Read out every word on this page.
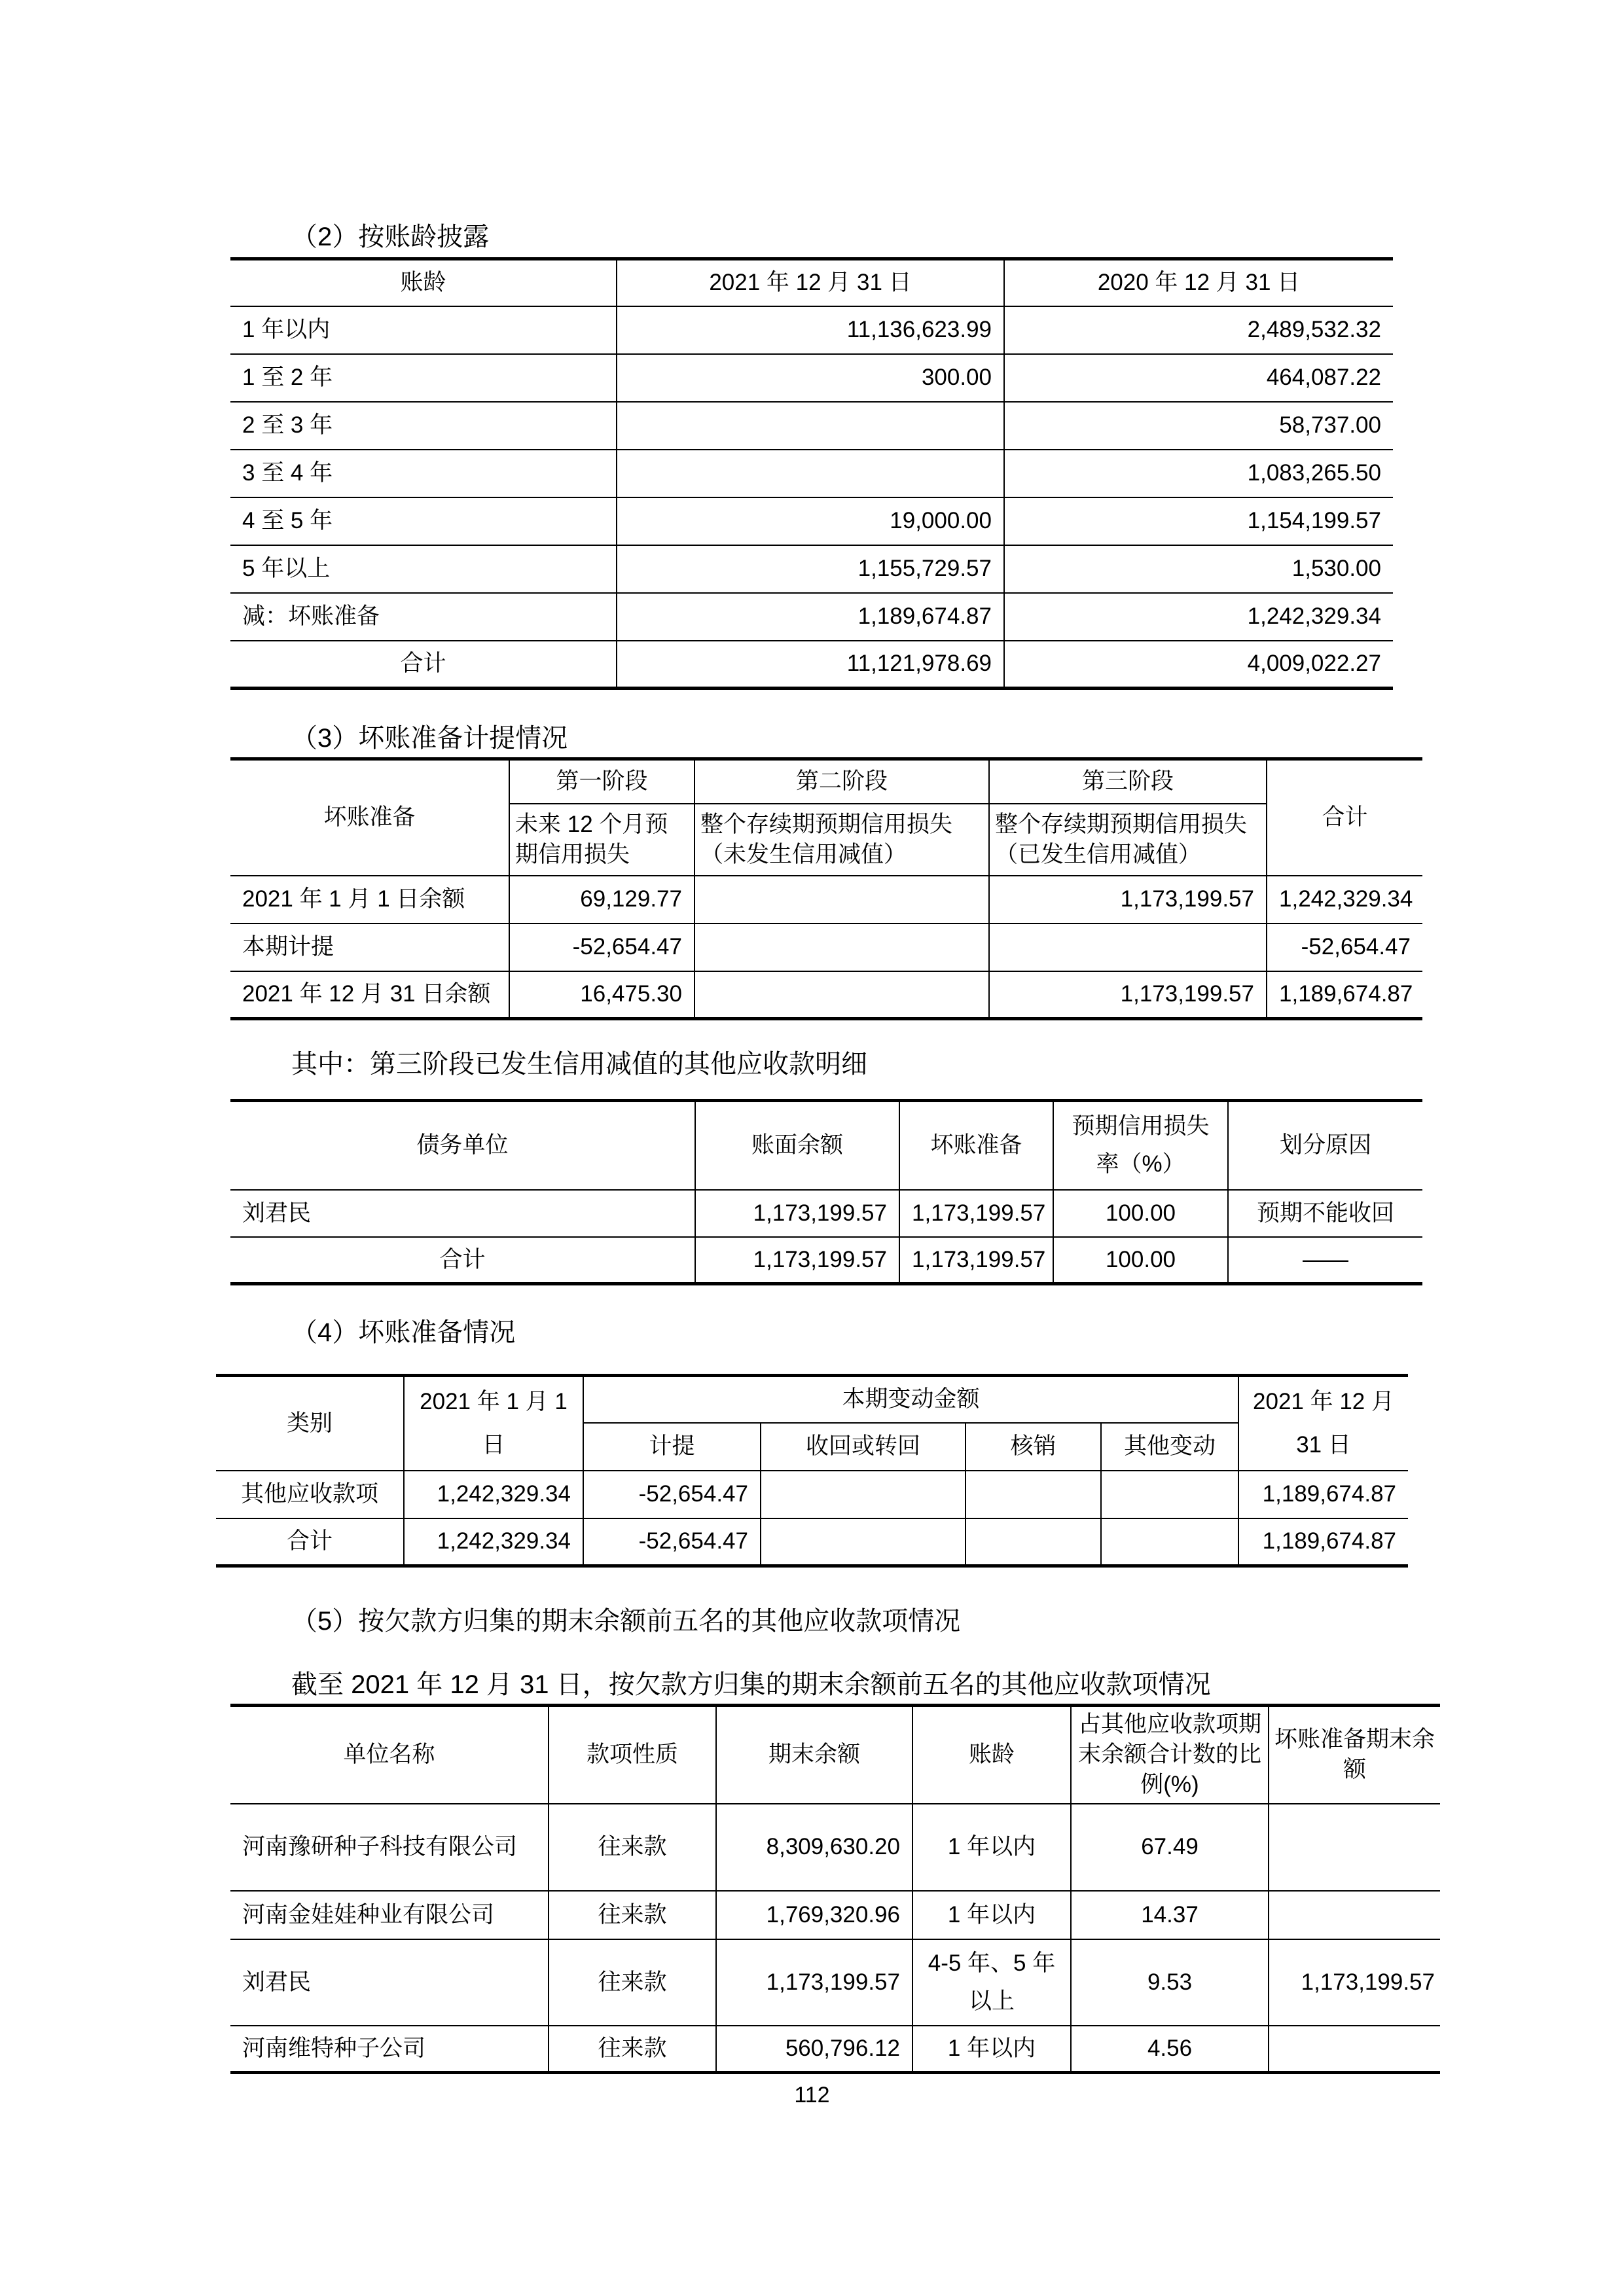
（2）按账龄披露
账龄	2021 年 12 月 31 日	2020 年 12 月 31 日
1 年以内	11,136,623.99	2,489,532.32
1 至 2 年	300.00	464,087.22
2 至 3 年		58,737.00
3 至 4 年		1,083,265.50
4 至 5 年	19,000.00	1,154,199.57
5 年以上	1,155,729.57	1,530.00
减：坏账准备	1,189,674.87	1,242,329.34
合计	11,121,978.69	4,009,022.27
（3）坏账准备计提情况
坏账准备	第一阶段	第二阶段	第三阶段	合计
	未来 12 个月预期信用损失	整个存续期预期信用损失（未发生信用减值）	整个存续期预期信用损失（已发生信用减值）	
2021 年 1 月 1 日余额	69,129.77		1,173,199.57	1,242,329.34
本期计提	-52,654.47			-52,654.47
2021 年 12 月 31 日余额	16,475.30		1,173,199.57	1,189,674.87
其中：第三阶段已发生信用减值的其他应收款明细
债务单位	账面余额	坏账准备	预期信用损失率（%）	划分原因
刘君民	1,173,199.57	1,173,199.57	100.00	预期不能收回
合计	1,173,199.57	1,173,199.57	100.00	——
（4）坏账准备情况
类别	2021 年 1 月 1 日	本期变动金额				2021 年 12 月 31 日
		计提	收回或转回	核销	其他变动	
其他应收款项	1,242,329.34	-52,654.47				1,189,674.87
合计	1,242,329.34	-52,654.47				1,189,674.87
（5）按欠款方归集的期末余额前五名的其他应收款项情况
截至 2021 年 12 月 31 日，按欠款方归集的期末余额前五名的其他应收款项情况
单位名称	款项性质	期末余额	账龄	占其他应收款项期末余额合计数的比例(%)	坏账准备期末余额
河南豫研种子科技有限公司	往来款	8,309,630.20	1 年以内	67.49	
河南金娃娃种业有限公司	往来款	1,769,320.96	1 年以内	14.37	
刘君民	往来款	1,173,199.57	4-5 年、5 年以上	9.53	1,173,199.57
河南维特种子公司	往来款	560,796.12	1 年以内	4.56	
112
